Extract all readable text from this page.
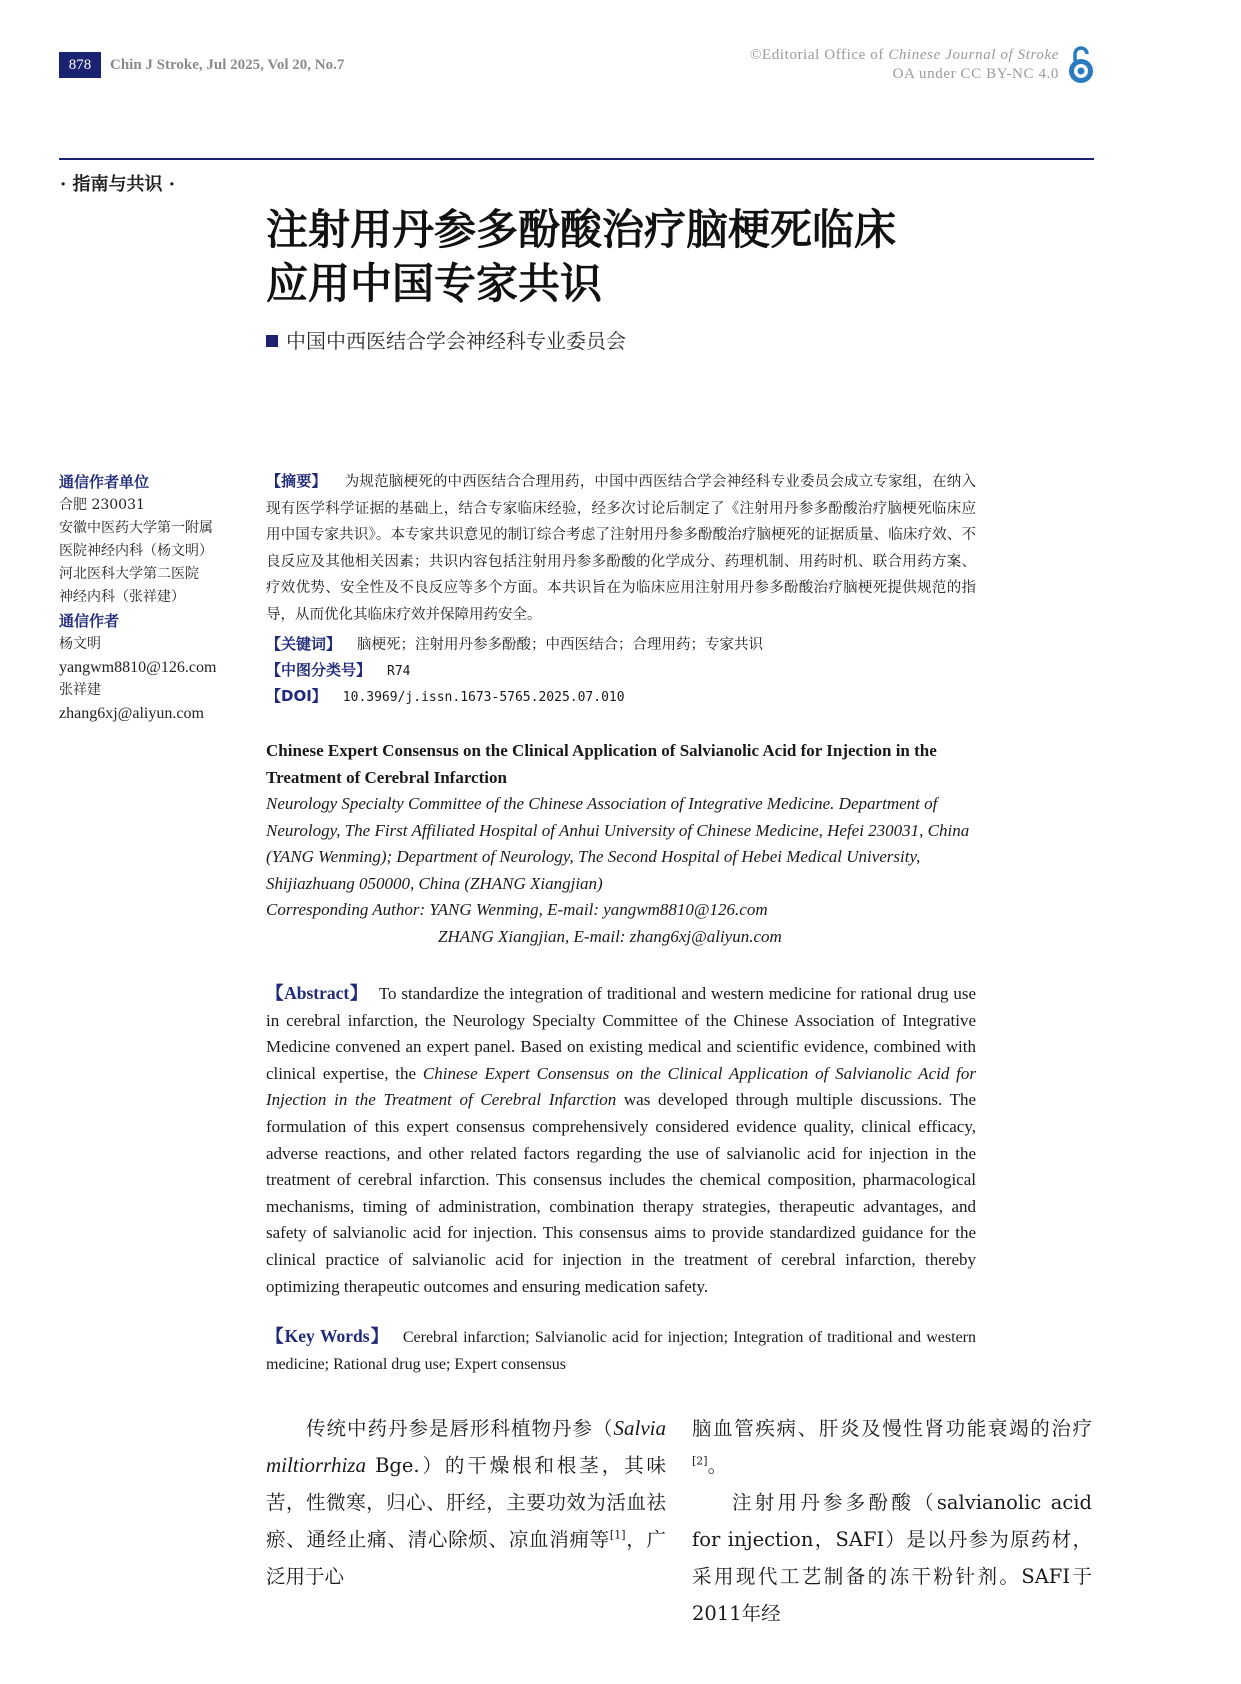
878	Chin J Stroke, Jul 2025, Vol 20, No.7
©Editorial Office of Chinese Journal of Stroke
OA under CC BY-NC 4.0
· 指南与共识 ·
注射用丹参多酚酸治疗脑梗死临床
应用中国专家共识
中国中西医结合学会神经科专业委员会
通信作者单位
合肥 230031
安徽中医药大学第一附属
医院神经内科（杨文明）
河北医科大学第二医院
神经内科（张祥建）
通信作者
杨文明
yangwm8810@126.com
张祥建
zhang6xj@aliyun.com
【摘要】 为规范脑梗死的中西医结合合理用药，中国中西医结合学会神经科专业委员会成立专家组，在纳入现有医学科学证据的基础上，结合专家临床经验，经多次讨论后制定了《注射用丹参多酚酸治疗脑梗死临床应用中国专家共识》。本专家共识意见的制订综合考虑了注射用丹参多酚酸治疗脑梗死的证据质量、临床疗效、不良反应及其他相关因素；共识内容包括注射用丹参多酚酸的化学成分、药理机制、用药时机、联合用药方案、疗效优势、安全性及不良反应等多个方面。本共识旨在为临床应用注射用丹参多酚酸治疗脑梗死提供规范的指导，从而优化其临床疗效并保障用药安全。
【关键词】 脑梗死；注射用丹参多酚酸；中西医结合；合理用药；专家共识
【中图分类号】 R74
【DOI】 10.3969/j.issn.1673-5765.2025.07.010
Chinese Expert Consensus on the Clinical Application of Salvianolic Acid for Injection in the Treatment of Cerebral Infarction
Neurology Specialty Committee of the Chinese Association of Integrative Medicine. Department of Neurology, The First Affiliated Hospital of Anhui University of Chinese Medicine, Hefei 230031, China (YANG Wenming); Department of Neurology, The Second Hospital of Hebei Medical University, Shijiazhuang 050000, China (ZHANG Xiangjian)
Corresponding Author: YANG Wenming, E-mail: yangwm8810@126.com
ZHANG Xiangjian, E-mail: zhang6xj@aliyun.com
【Abstract】 To standardize the integration of traditional and western medicine for rational drug use in cerebral infarction, the Neurology Specialty Committee of the Chinese Association of Integrative Medicine convened an expert panel. Based on existing medical and scientific evidence, combined with clinical expertise, the Chinese Expert Consensus on the Clinical Application of Salvianolic Acid for Injection in the Treatment of Cerebral Infarction was developed through multiple discussions. The formulation of this expert consensus comprehensively considered evidence quality, clinical efficacy, adverse reactions, and other related factors regarding the use of salvianolic acid for injection in the treatment of cerebral infarction. This consensus includes the chemical composition, pharmacological mechanisms, timing of administration, combination therapy strategies, therapeutic advantages, and safety of salvianolic acid for injection. This consensus aims to provide standardized guidance for the clinical practice of salvianolic acid for injection in the treatment of cerebral infarction, thereby optimizing therapeutic outcomes and ensuring medication safety.
【Key Words】 Cerebral infarction; Salvianolic acid for injection; Integration of traditional and western medicine; Rational drug use; Expert consensus

传统中药丹参是唇形科植物丹参（Salvia miltiorrhiza Bge.）的干燥根和根茎，其味苦，性微寒，归心、肝经，主要功效为活血祛瘀、通经止痛、清心除烦、凉血消痈等[1]，广泛用于心

脑血管疾病、肝炎及慢性肾功能衰竭的治疗[2]。

注射用丹参多酚酸（salvianolic acid for injection，SAFI）是以丹参为原药材，采用现代工艺制备的冻干粉针剂。SAFI于2011年经
